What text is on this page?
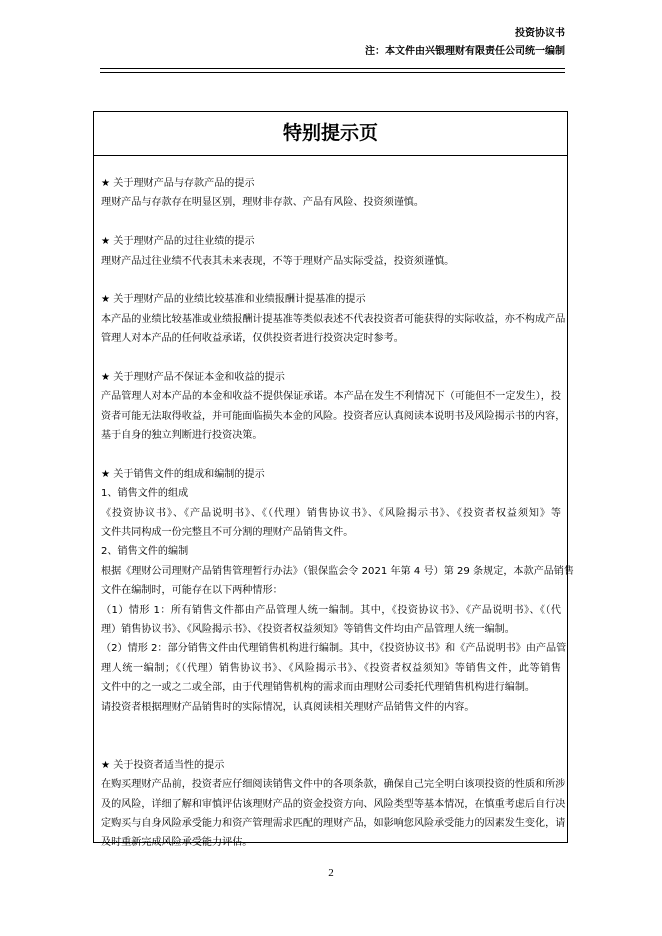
投资协议书
注：本文件由兴银理财有限责任公司统一编制
特别提示页
★ 关于理财产品与存款产品的提示
理财产品与存款存在明显区别，理财非存款、产品有风险、投资须谨慎。
★ 关于理财产品的过往业绩的提示
理财产品过往业绩不代表其未来表现，不等于理财产品实际受益，投资须谨慎。
★ 关于理财产品的业绩比较基准和业绩报酬计提基准的提示
本产品的业绩比较基准或业绩报酬计提基准等类似表述不代表投资者可能获得的实际收益，亦不构成产品
管理人对本产品的任何收益承诺，仅供投资者进行投资决定时参考。
★ 关于理财产品不保证本金和收益的提示
产品管理人对本产品的本金和收益不提供保证承诺。本产品在发生不利情况下（可能但不一定发生），投
资者可能无法取得收益，并可能面临损失本金的风险。投资者应认真阅读本说明书及风险揭示书的内容，
基于自身的独立判断进行投资决策。
★ 关于销售文件的组成和编制的提示
1、销售文件的组成
《投资协议书》、《产品说明书》、《（代理）销售协议书》、《风险揭示书》、《投资者权益须知》等
文件共同构成一份完整且不可分割的理财产品销售文件。
2、销售文件的编制
根据《理财公司理财产品销售管理暂行办法》（银保监会令 2021 年第 4 号）第 29 条规定，本款产品销售
文件在编制时，可能存在以下两种情形：
（1）情形 1：所有销售文件都由产品管理人统一编制。其中，《投资协议书》、《产品说明书》、《（代
理）销售协议书》、《风险揭示书》、《投资者权益须知》等销售文件均由产品管理人统一编制。
（2）情形 2：部分销售文件由代理销售机构进行编制。其中，《投资协议书》和《产品说明书》由产品管
理人统一编制；《（代理）销售协议书》、《风险揭示书》、《投资者权益须知》等销售文件，此等销售
文件中的之一或之二或全部，由于代理销售机构的需求而由理财公司委托代理销售机构进行编制。
请投资者根据理财产品销售时的实际情况，认真阅读相关理财产品销售文件的内容。
★ 关于投资者适当性的提示
在购买理财产品前，投资者应仔细阅读销售文件中的各项条款，确保自己完全明白该项投资的性质和所涉
及的风险，详细了解和审慎评估该理财产品的资金投资方向、风险类型等基本情况，在慎重考虑后自行决
定购买与自身风险承受能力和资产管理需求匹配的理财产品，如影响您风险承受能力的因素发生变化，请
及时重新完成风险承受能力评估。
2
